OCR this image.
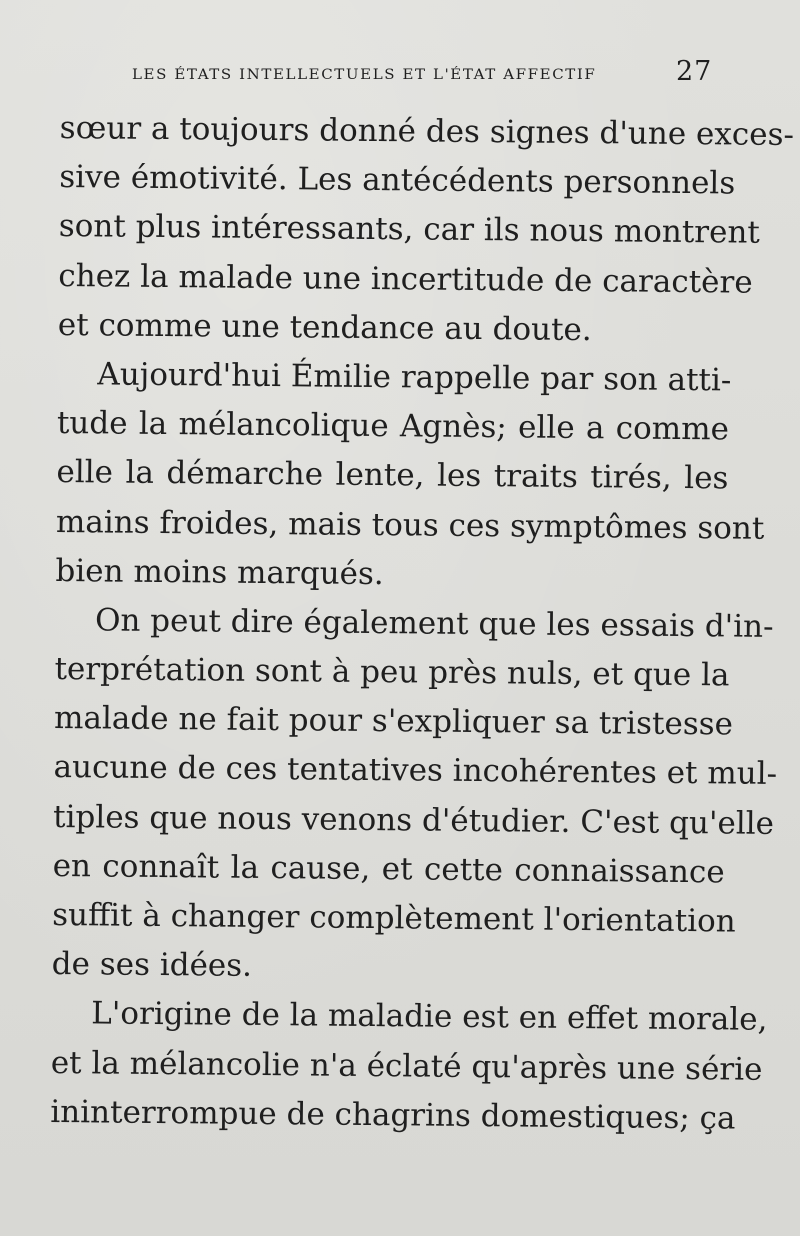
LES ÉTATS INTELLECTUELS ET L'ÉTAT AFFECTIF	27
sœur a toujours donné des signes d'une exces-
sive émotivité. Les antécédents personnels
sont plus intéressants, car ils nous montrent
chez la malade une incertitude de caractère
et comme une tendance au doute.
Aujourd'hui Émilie rappelle par son atti-
tude la mélancolique Agnès; elle a comme
elle la démarche lente, les traits tirés, les
mains froides, mais tous ces symptômes sont
bien moins marqués.
On peut dire également que les essais d'in-
terprétation sont à peu près nuls, et que la
malade ne fait pour s'expliquer sa tristesse
aucune de ces tentatives incohérentes et mul-
tiples que nous venons d'étudier. C'est qu'elle
en connaît la cause, et cette connaissance
suffit à changer complètement l'orientation
de ses idées.
L'origine de la maladie est en effet morale,
et la mélancolie n'a éclaté qu'après une série
ininterrompue de chagrins domestiques; ça
